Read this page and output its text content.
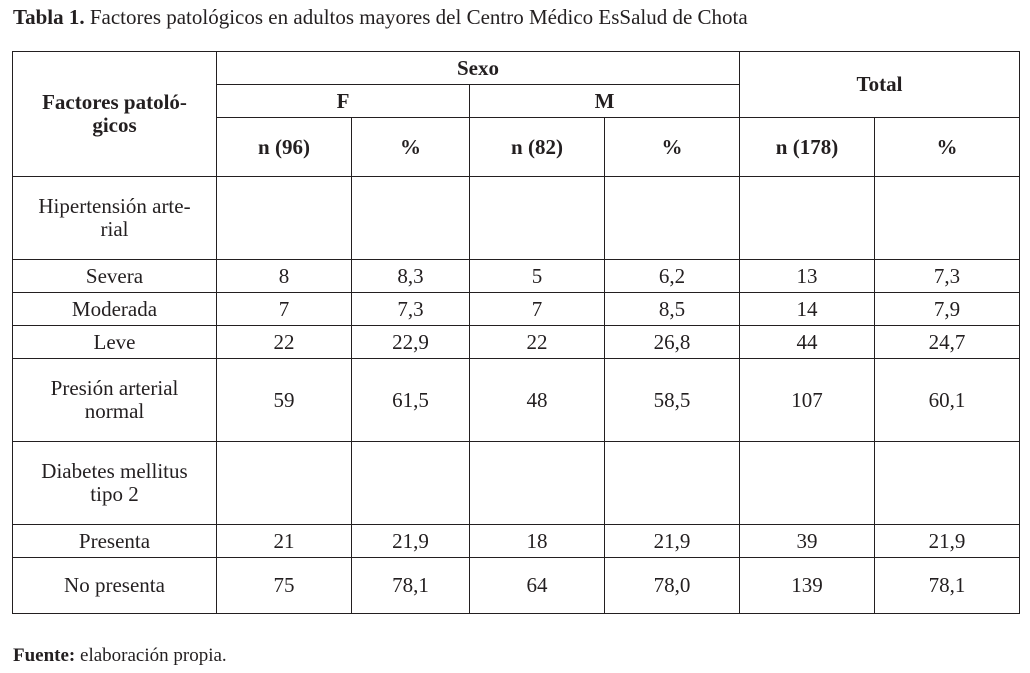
Tabla 1. Factores patológicos en adultos mayores del Centro Médico EsSalud de Chota
Factores patoló-
gicos	Sexo				Total	
	F		M			
	n (96)	%	n (82)	%	n (178)	%
Hipertensión arte-
rial						
Severa	8	8,3	5	6,2	13	7,3
Moderada	7	7,3	7	8,5	14	7,9
Leve	22	22,9	22	26,8	44	24,7
Presión arterial
normal	59	61,5	48	58,5	107	60,1
Diabetes mellitus
tipo 2						
Presenta	21	21,9	18	21,9	39	21,9
No presenta	75	78,1	64	78,0	139	78,1
Fuente: elaboración propia.
